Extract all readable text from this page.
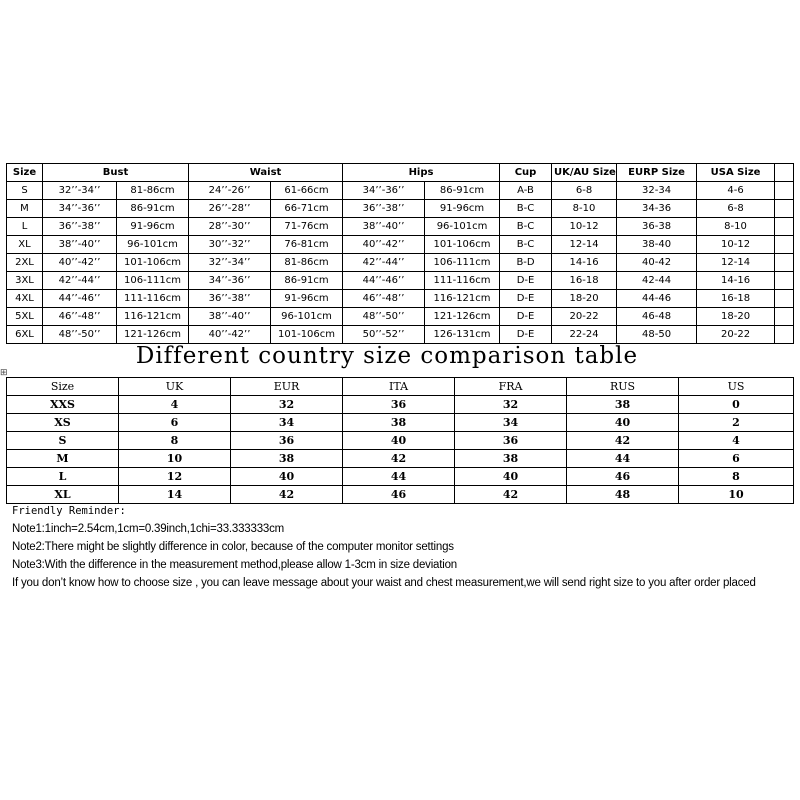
Size	Bust		Waist		Hips		Cup	UK/AU Size	EURP Size	USA Size	
S	32’’-34’’	81-86cm	24’’-26’’	61-66cm	34’’-36’’	86-91cm	A-B	6-8	32-34	4-6	
M	34’’-36’’	86-91cm	26’’-28’’	66-71cm	36’’-38’’	91-96cm	B-C	8-10	34-36	6-8	
L	36’’-38’’	91-96cm	28’’-30’’	71-76cm	38’’-40’’	96-101cm	B-C	10-12	36-38	8-10	
XL	38’’-40’’	96-101cm	30’’-32’’	76-81cm	40’’-42’’	101-106cm	B-C	12-14	38-40	10-12	
2XL	40’’-42’’	101-106cm	32’’-34’’	81-86cm	42’’-44’’	106-111cm	B-D	14-16	40-42	12-14	
3XL	42’’-44’’	106-111cm	34’’-36’’	86-91cm	44’’-46’’	111-116cm	D-E	16-18	42-44	14-16	
4XL	44’’-46’’	111-116cm	36’’-38’’	91-96cm	46’’-48’’	116-121cm	D-E	18-20	44-46	16-18	
5XL	46’’-48’’	116-121cm	38’’-40’’	96-101cm	48’’-50’’	121-126cm	D-E	20-22	46-48	18-20	
6XL	48’’-50’’	121-126cm	40’’-42’’	101-106cm	50’’-52’’	126-131cm	D-E	22-24	48-50	20-22	
⊞
Different country size comparison table
Size	UK	EUR	ITA	FRA	RUS	US
XXS	4	32	36	32	38	0
XS	6	34	38	34	40	2
S	8	36	40	36	42	4
M	10	38	42	38	44	6
L	12	40	44	40	46	8
XL	14	42	46	42	48	10

Friendly Reminder:

Note1:1inch=2.54cm,1cm=0.39inch,1chi=33.333333cm

Note2:There might be slightly difference in color, because of the computer monitor settings

Note3:With the difference in the measurement method,please allow 1-3cm in size deviation

If you don’t know how to choose size , you can leave message about your waist and chest measurement,we will send right size to you after order placed
